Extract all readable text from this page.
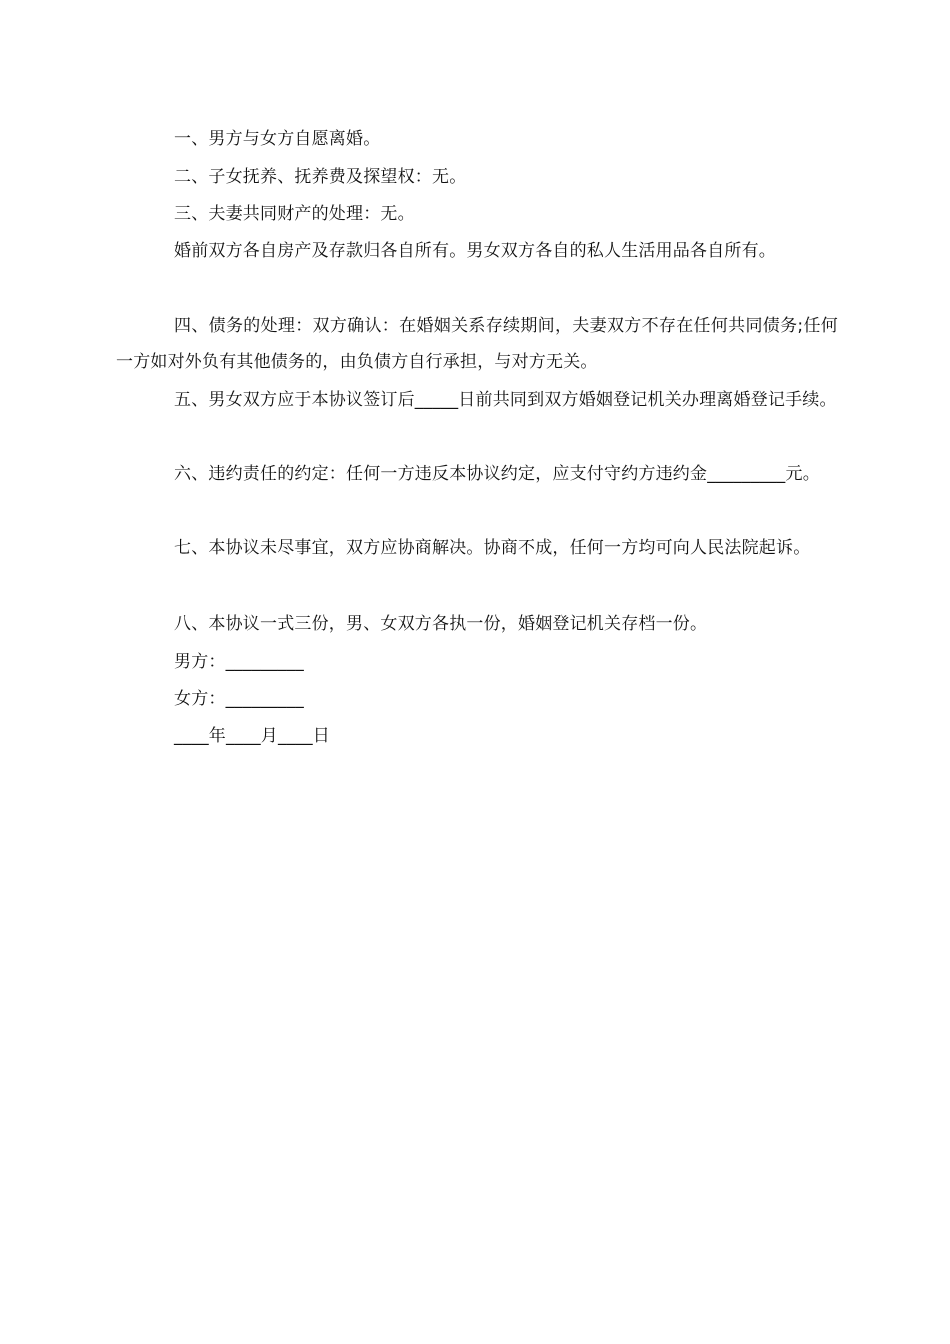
一、男方与女方自愿离婚。
二、子女抚养、抚养费及探望权：无。
三、夫妻共同财产的处理：无。
婚前双方各自房产及存款归各自所有。男女双方各自的私人生活用品各自所有。
四、债务的处理：双方确认：在婚姻关系存续期间，夫妻双方不存在任何共同债务;任何一方如对外负有其他债务的，由负债方自行承担，与对方无关。
五、男女双方应于本协议签订后_____日前共同到双方婚姻登记机关办理离婚登记手续。
六、违约责任的约定：任何一方违反本协议约定，应支付守约方违约金_________元。
七、本协议未尽事宜，双方应协商解决。协商不成，任何一方均可向人民法院起诉。
八、本协议一式三份，男、女双方各执一份，婚姻登记机关存档一份。
男方：_________
女方：_________
____年____月____日
